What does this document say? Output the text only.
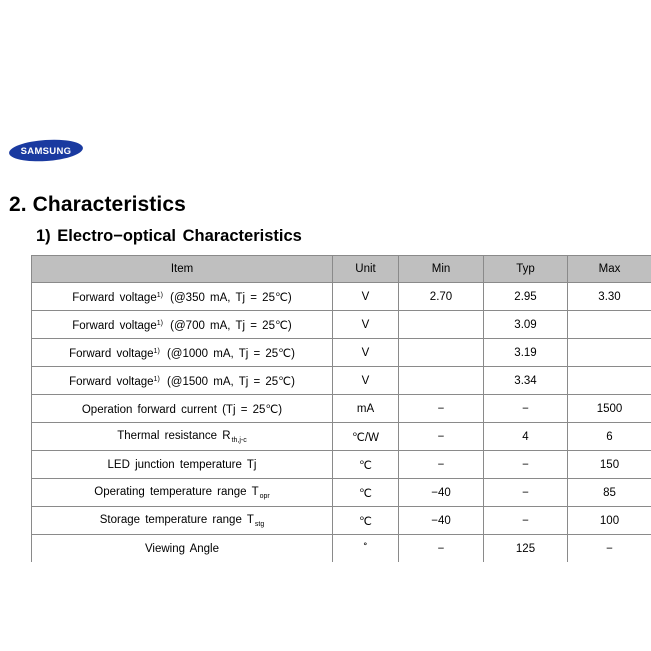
SAMSUNG
2. Characteristics
1) Electro−optical Characteristics
Item	Unit	Min	Typ	Max
Forward voltage$^{1)}$ (@350 mA, Tj = 25℃)	V	2.70	2.95	3.30
Forward voltage$^{1)}$ (@700 mA, Tj = 25℃)	V		3.09	
Forward voltage$^{1)}$ (@1000 mA, Tj = 25℃)	V		3.19	
Forward voltage$^{1)}$ (@1500 mA, Tj = 25℃)	V		3.34	
Operation forward current (Tj = 25℃)	mA	−	−	1500
Thermal resistance $R_{th,j-c}$	℃/W	−	4	6
LED junction temperature Tj	℃	−	−	150
Operating temperature range $T_{opr}$	℃	−40	−	85
Storage temperature range $T_{stg}$	℃	−40	−	100
Viewing Angle	˚	−	125	−
